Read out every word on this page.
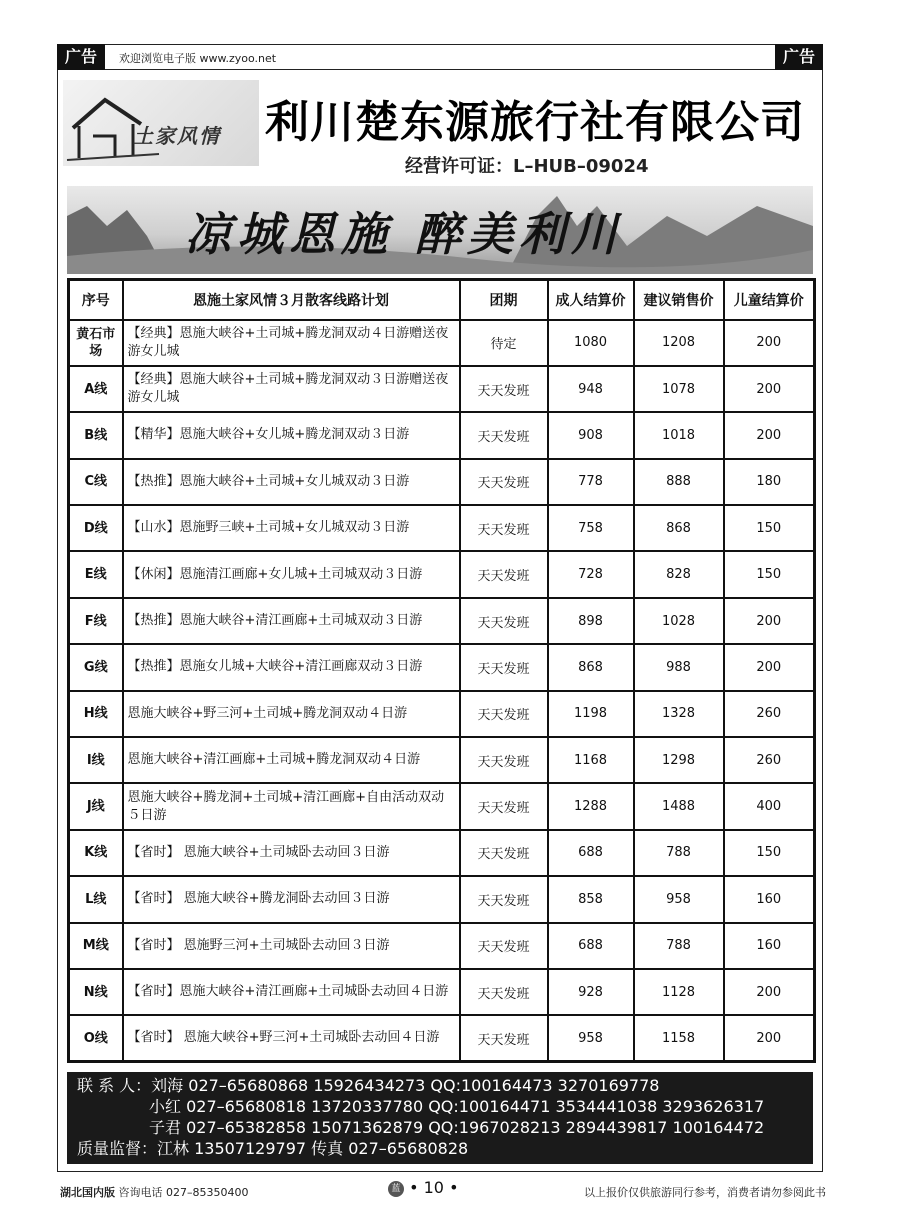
广告	欢迎浏览电子版 www.zyoo.net	广告
土家风情 利川楚东源旅行社有限公司
经营许可证：L–HUB–09024
凉城恩施 醉美利川
序号	恩施土家风情３月散客线路计划	团期	成人结算价	建议销售价	儿童结算价
黄石市场	【经典】恩施大峡谷+土司城+腾龙洞双动４日游赠送夜游女儿城	待定	1080	1208	200
A线	【经典】恩施大峡谷+土司城+腾龙洞双动３日游赠送夜游女儿城	天天发班	948	1078	200
B线	【精华】恩施大峡谷+女儿城+腾龙洞双动３日游	天天发班	908	1018	200
C线	【热推】恩施大峡谷+土司城+女儿城双动３日游	天天发班	778	888	180
D线	【山水】恩施野三峡+土司城+女儿城双动３日游	天天发班	758	868	150
E线	【休闲】恩施清江画廊+女儿城+土司城双动３日游	天天发班	728	828	150
F线	【热推】恩施大峡谷+清江画廊+土司城双动３日游	天天发班	898	1028	200
G线	【热推】恩施女儿城+大峡谷+清江画廊双动３日游	天天发班	868	988	200
H线	恩施大峡谷+野三河+土司城+腾龙洞双动４日游	天天发班	1198	1328	260
I线	恩施大峡谷+清江画廊+土司城+腾龙洞双动４日游	天天发班	1168	1298	260
J线	恩施大峡谷+腾龙洞+土司城+清江画廊+自由活动双动５日游	天天发班	1288	1488	400
K线	【省时】 恩施大峡谷+土司城卧去动回３日游	天天发班	688	788	150
L线	【省时】 恩施大峡谷+腾龙洞卧去动回３日游	天天发班	858	958	160
M线	【省时】 恩施野三河+土司城卧去动回３日游	天天发班	688	788	160
N线	【省时】恩施大峡谷+清江画廊+土司城卧去动回４日游	天天发班	928	1128	200
O线	【省时】 恩施大峡谷+野三河+土司城卧去动回４日游	天天发班	958	1158	200
联 系 人：刘海 027–65680868 15926434273 QQ:100164473 3270169778
小红 027–65680818 13720337780 QQ:100164471 3534441038 3293626317
子君 027–65382858 15071362879 QQ:1967028213 2894439817 100164472
质量监督：江林 13507129797 传真 027–65680828
湖北国内版 咨询电话 027–85350400	蓝 • 10 •	以上报价仅供旅游同行参考，消费者请勿参阅此书
